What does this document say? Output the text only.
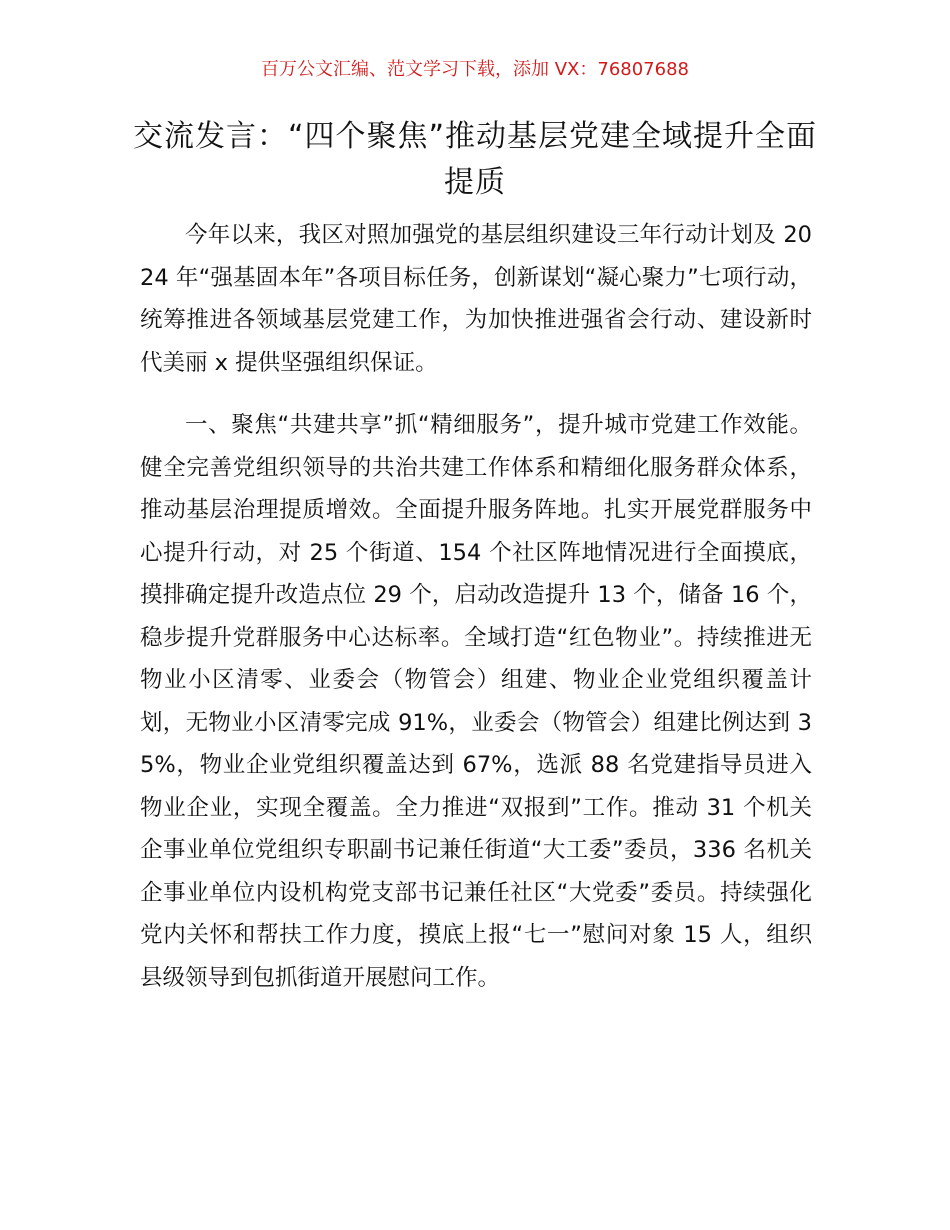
百万公文汇编、范文学习下载，添加 VX：76807688
交流发言：“四个聚焦”推动基层党建全域提升全面提质

今年以来，我区对照加强党的基层组织建设三年行动计划及 2024 年“强基固本年”各项目标任务，创新谋划“凝心聚力”七项行动，统筹推进各领域基层党建工作，为加快推进强省会行动、建设新时代美丽 x 提供坚强组织保证。

一、聚焦“共建共享”抓“精细服务”，提升城市党建工作效能。健全完善党组织领导的共治共建工作体系和精细化服务群众体系，推动基层治理提质增效。全面提升服务阵地。扎实开展党群服务中心提升行动，对 25 个街道、154 个社区阵地情况进行全面摸底，摸排确定提升改造点位 29 个，启动改造提升 13 个，储备 16 个，稳步提升党群服务中心达标率。全域打造“红色物业”。持续推进无物业小区清零、业委会（物管会）组建、物业企业党组织覆盖计划，无物业小区清零完成 91%，业委会（物管会）组建比例达到 35%，物业企业党组织覆盖达到 67%，选派 88 名党建指导员进入物业企业，实现全覆盖。全力推进“双报到”工作。推动 31 个机关企事业单位党组织专职副书记兼任街道“大工委”委员，336 名机关企事业单位内设机构党支部书记兼任社区“大党委”委员。持续强化党内关怀和帮扶工作力度，摸底上报“七一”慰问对象 15 人，组织县级领导到包抓街道开展慰问工作。
